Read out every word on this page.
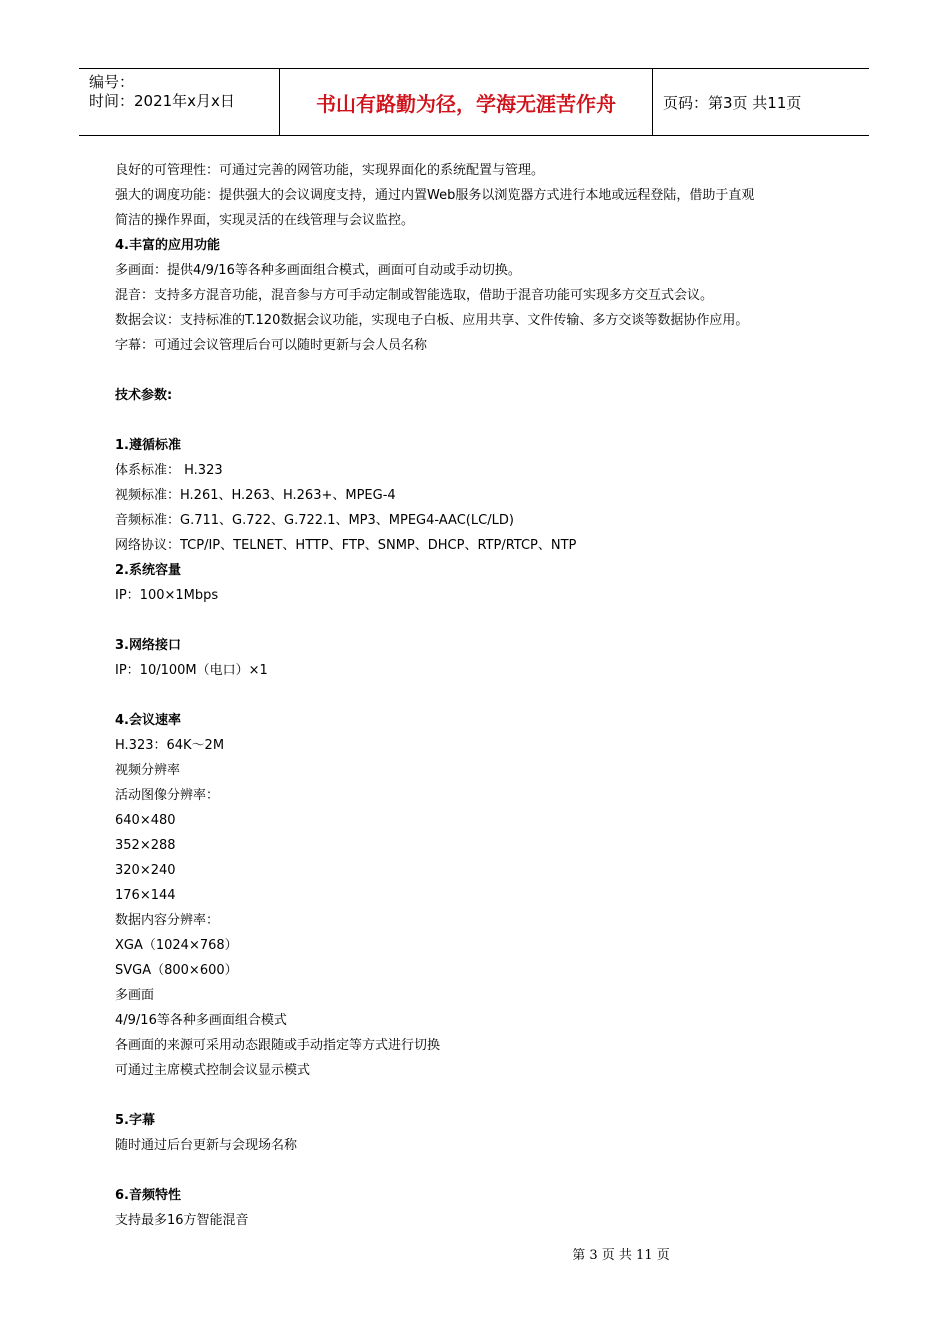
编号：
时间：2021年x月x日	书山有路勤为径，学海无涯苦作舟	页码：第3页 共11页
良好的可管理性：可通过完善的网管功能，实现界面化的系统配置与管理。
强大的调度功能：提供强大的会议调度支持，通过内置Web服务以浏览器方式进行本地或远程登陆，借助于直观
简洁的操作界面，实现灵活的在线管理与会议监控。
4.丰富的应用功能
多画面：提供4/9/16等各种多画面组合模式，画面可自动或手动切换。
混音：支持多方混音功能，混音参与方可手动定制或智能选取，借助于混音功能可实现多方交互式会议。
数据会议：支持标准的T.120数据会议功能，实现电子白板、应用共享、文件传输、多方交谈等数据协作应用。
字幕：可通过会议管理后台可以随时更新与会人员名称
技术参数:
1.遵循标准
体系标准： H.323
视频标准：H.261、H.263、H.263+、MPEG-4
音频标准：G.711、G.722、G.722.1、MP3、MPEG4-AAC(LC/LD)
网络协议：TCP/IP、TELNET、HTTP、FTP、SNMP、DHCP、RTP/RTCP、NTP
2.系统容量
IP：100×1Mbps
3.网络接口
IP：10/100M（电口）×1
4.会议速率
H.323：64K～2M
视频分辨率
活动图像分辨率：
640×480
352×288
320×240
176×144
数据内容分辨率：
XGA（1024×768）
SVGA（800×600）
多画面
4/9/16等各种多画面组合模式
各画面的来源可采用动态跟随或手动指定等方式进行切换
可通过主席模式控制会议显示模式
5.字幕
随时通过后台更新与会现场名称
6.音频特性
支持最多16方智能混音
第 3 页 共 11 页
